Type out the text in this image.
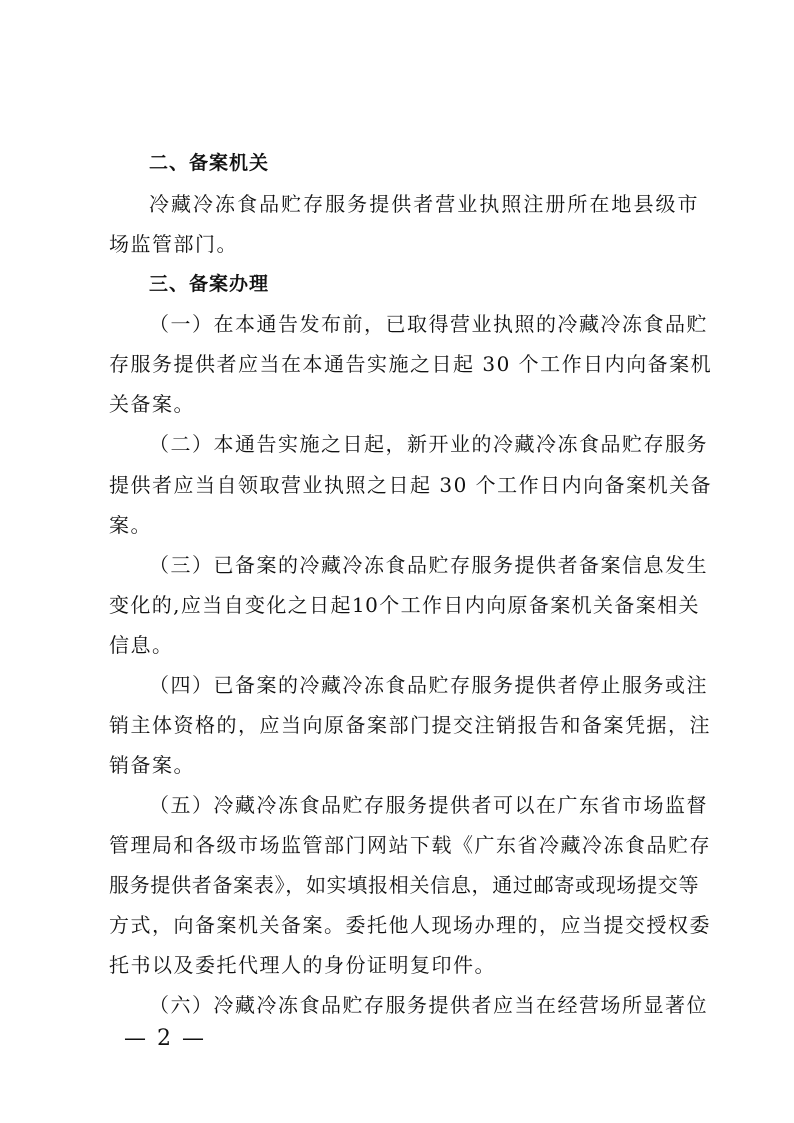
二、备案机关
冷藏冷冻食品贮存服务提供者营业执照注册所在地县级市
场监管部门。
三、备案办理
（一）在本通告发布前，已取得营业执照的冷藏冷冻食品贮
存服务提供者应当在本通告实施之日起 30 个工作日内向备案机
关备案。
（二）本通告实施之日起，新开业的冷藏冷冻食品贮存服务
提供者应当自领取营业执照之日起 30 个工作日内向备案机关备
案。
（三）已备案的冷藏冷冻食品贮存服务提供者备案信息发生
变化的,应当自变化之日起10个工作日内向原备案机关备案相关
信息。
（四）已备案的冷藏冷冻食品贮存服务提供者停止服务或注
销主体资格的，应当向原备案部门提交注销报告和备案凭据，注
销备案。
（五）冷藏冷冻食品贮存服务提供者可以在广东省市场监督
管理局和各级市场监管部门网站下载《广东省冷藏冷冻食品贮存
服务提供者备案表》，如实填报相关信息，通过邮寄或现场提交等
方式，向备案机关备案。委托他人现场办理的，应当提交授权委
托书以及委托代理人的身份证明复印件。
（六）冷藏冷冻食品贮存服务提供者应当在经营场所显著位
— 2 —
